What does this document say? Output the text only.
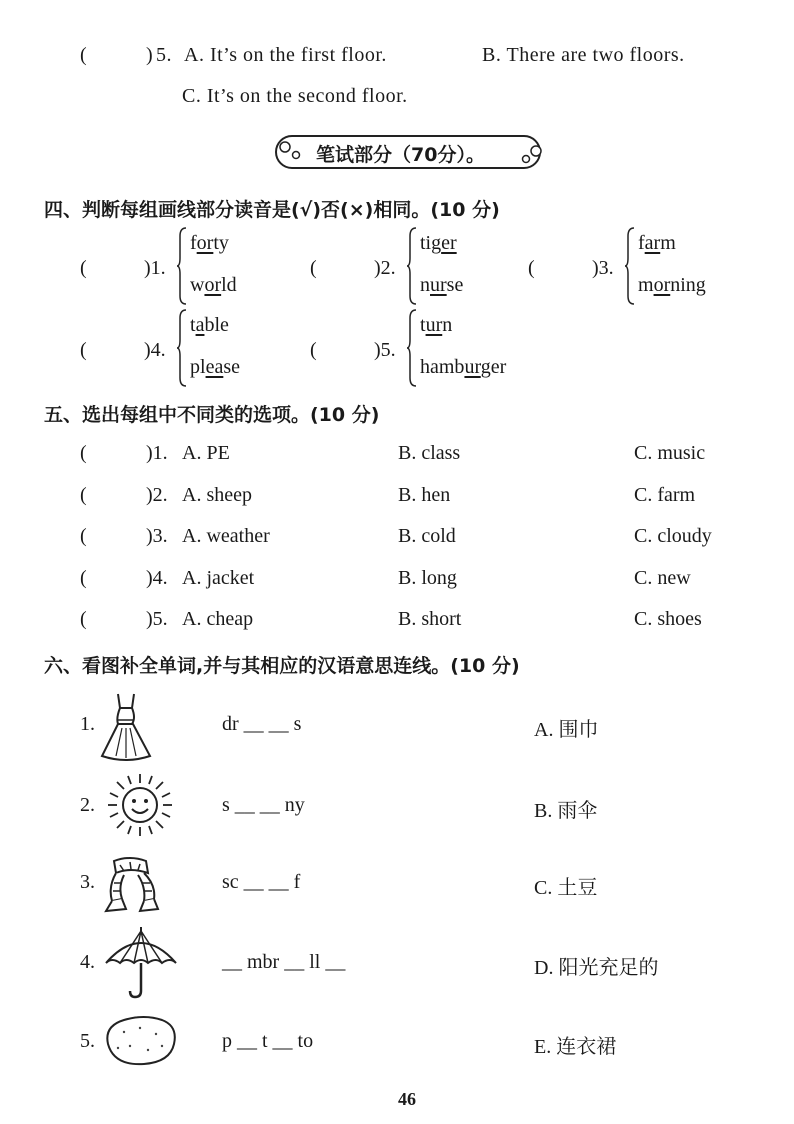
(	) 5. A. It’s on the first floor.	B. There are two floors.
C. It’s on the second floor.
笔试部分（70分）。
四、判断每组画线部分读音是(√)否(×)相同。(10 分)
(	)1.
forty
world
(	)2.
tiger
nurse
(	)3.
farm
morning
(	)4.
table
please
(	)5.
turn
hamburger
五、选出每组中不同类的选项。(10 分)
(	)1. A. PE	B. class	C. music
(	)2. A. sheep	B. hen	C. farm
(	)3. A. weather	B. cold	C. cloudy
(	)4. A. jacket	B. long	C. new
(	)5. A. cheap	B. short	C. shoes
六、看图补全单词,并与其相应的汉语意思连线。(10 分)
1.	dr __ __ s	A. 围巾
2.	s __ __ ny	B. 雨伞
3.	sc __ __ f	C. 土豆
4.	__ mbr __ ll __	D. 阳光充足的
5.	p __ t __ to	E. 连衣裙
46
